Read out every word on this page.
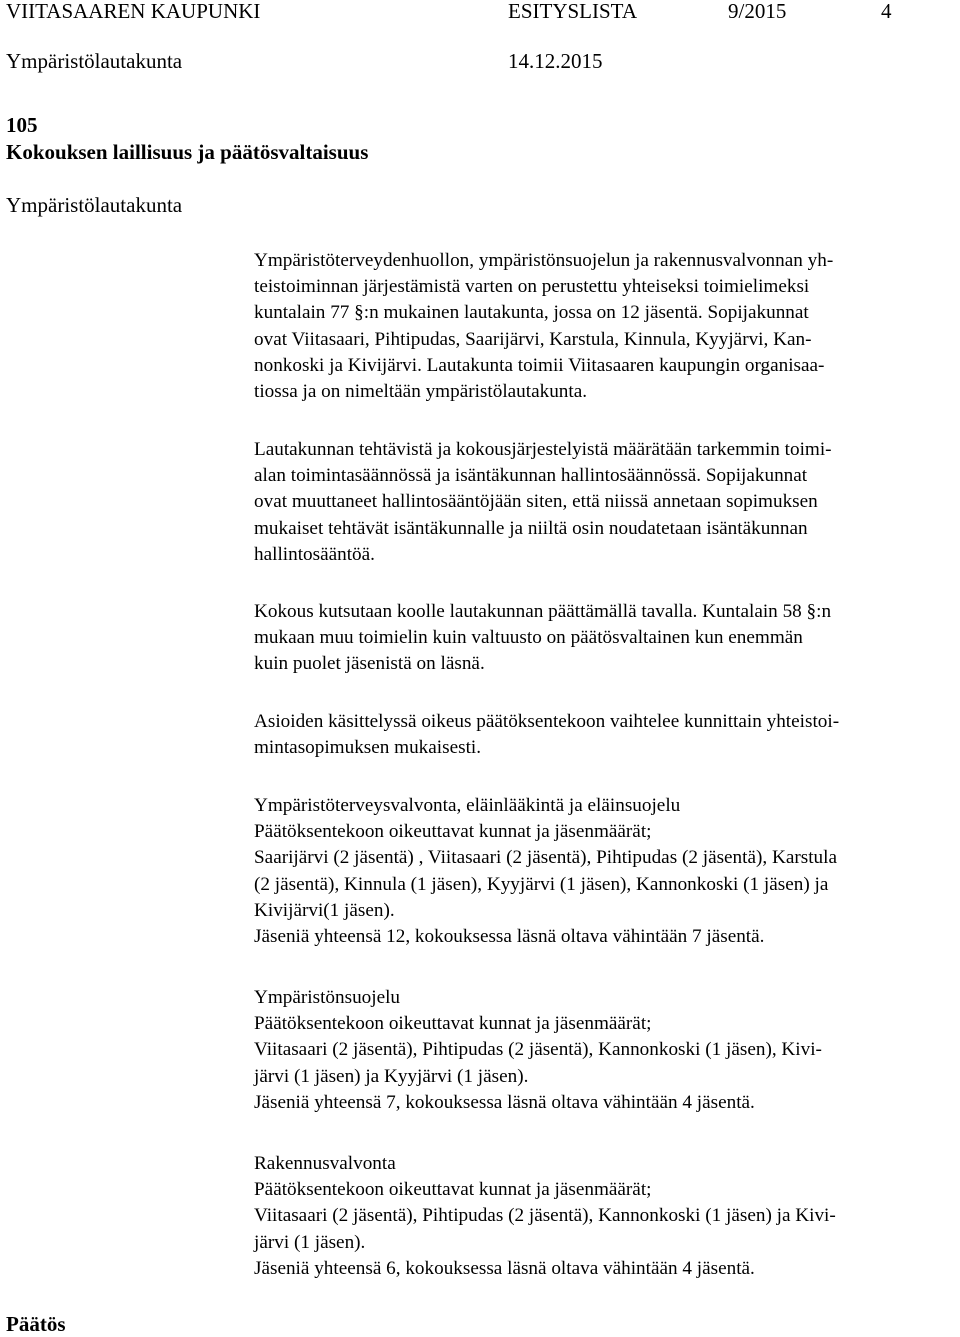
VIITASAAREN KAUPUNKI	ESITYSLISTA	9/2015	4
Ympäristölautakunta	14.12.2015
105
Kokouksen laillisuus ja päätösvaltaisuus
Ympäristölautakunta
Ympäristöterveydenhuollon, ympäristönsuojelun ja rakennusvalvonnan yh-
teistoiminnan järjestämistä varten on perustettu yhteiseksi toimielimeksi
kuntalain 77 §:n mukainen lautakunta, jossa on 12 jäsentä. Sopijakunnat
ovat Viitasaari, Pihtipudas, Saarijärvi, Karstula, Kinnula, Kyyjärvi, Kan-
nonkoski ja Kivijärvi. Lautakunta toimii Viitasaaren kaupungin organisaa-
tiossa ja on nimeltään ympäristölautakunta.
Lautakunnan tehtävistä ja kokousjärjestelyistä määrätään tarkemmin toimi-
alan toimintasäännössä ja isäntäkunnan hallintosäännössä. Sopijakunnat
ovat muuttaneet hallintosääntöjään siten, että niissä annetaan sopimuksen
mukaiset tehtävät isäntäkunnalle ja niiltä osin noudatetaan isäntäkunnan
hallintosääntöä.
Kokous kutsutaan koolle lautakunnan päättämällä tavalla. Kuntalain 58 §:n
mukaan muu toimielin kuin valtuusto on päätösvaltainen kun enemmän
kuin puolet jäsenistä on läsnä.
Asioiden käsittelyssä oikeus päätöksentekoon vaihtelee kunnittain yhteistoi-
mintasopimuksen mukaisesti.
Ympäristöterveysvalvonta, eläinlääkintä ja eläinsuojelu
Päätöksentekoon oikeuttavat kunnat ja jäsenmäärät;
Saarijärvi (2 jäsentä) , Viitasaari (2 jäsentä), Pihtipudas (2 jäsentä), Karstula
(2 jäsentä), Kinnula (1 jäsen), Kyyjärvi (1 jäsen), Kannonkoski (1 jäsen) ja
Kivijärvi(1 jäsen).
Jäseniä yhteensä 12, kokouksessa läsnä oltava vähintään 7 jäsentä.
Ympäristönsuojelu
Päätöksentekoon oikeuttavat kunnat ja jäsenmäärät;
Viitasaari (2 jäsentä), Pihtipudas (2 jäsentä), Kannonkoski (1 jäsen), Kivi-
järvi (1 jäsen) ja Kyyjärvi (1 jäsen).
Jäseniä yhteensä 7, kokouksessa läsnä oltava vähintään 4 jäsentä.
Rakennusvalvonta
Päätöksentekoon oikeuttavat kunnat ja jäsenmäärät;
Viitasaari (2 jäsentä), Pihtipudas (2 jäsentä), Kannonkoski (1 jäsen) ja Kivi-
järvi (1 jäsen).
Jäseniä yhteensä 6, kokouksessa läsnä oltava vähintään 4 jäsentä.
Päätös
